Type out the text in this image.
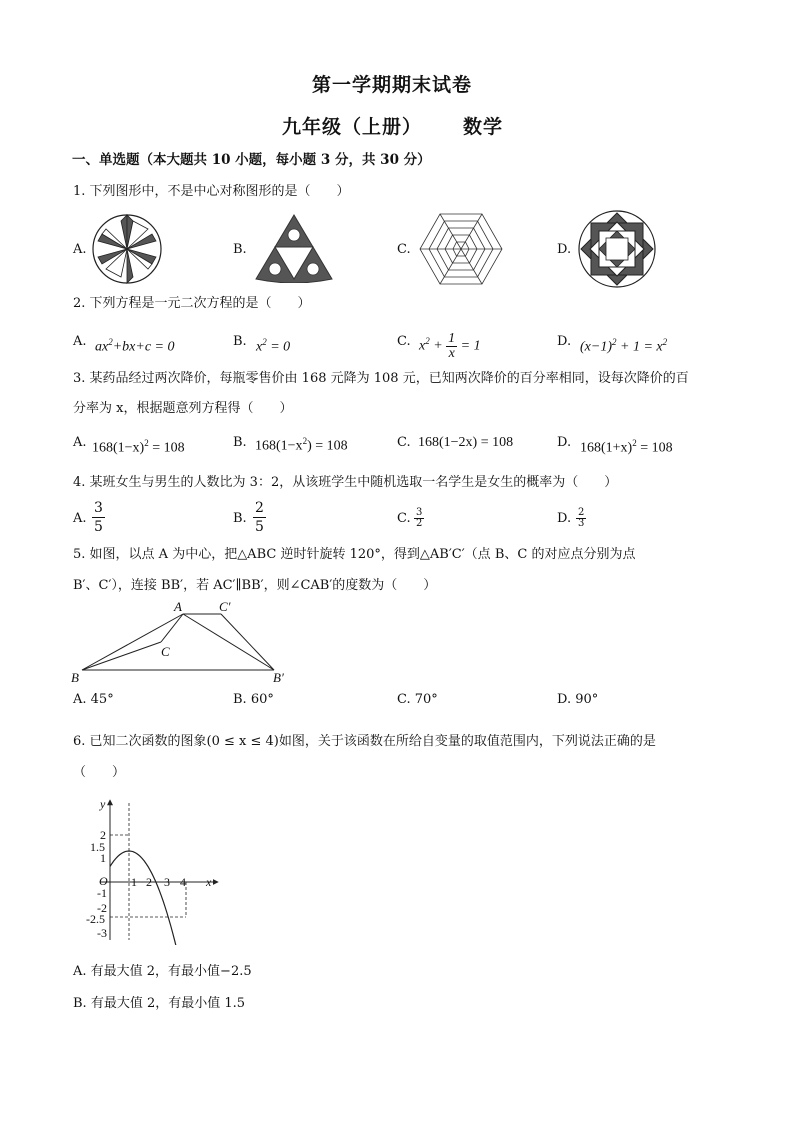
第一学期期末试卷
九年级（上册） 数学
一、单选题（本大题共 10 小题，每小题 3 分，共 30 分）
1. 下列图形中，不是中心对称图形的是（　　）
A.	B.	C.	D.
2. 下列方程是一元二次方程的是（　　）
A. $ax^2+bx+c = 0$	B. $x^2 = 0$	C. $x^2 + \frac{1}{x} = 1$	D. $(x-1)^2 + 1 = x^2$
3. 某药品经过两次降价，每瓶零售价由 168 元降为 108 元，已知两次降价的百分率相同，设每次降价的百
分率为 x，根据题意列方程得（　　）
A. $168(1-x)^2 = 108$	B. $168(1-x^2) = 108$	C. 168(1−2x) = 108	D. $168(1+x)^2 = 108$
4. 某班女生与男生的人数比为 3：2，从该班学生中随机选取一名学生是女生的概率为（　　）
A. $\frac{3}{5}$	B. $\frac{2}{5}$	C. $\frac{3}{2}$	D. $\frac{2}{3}$
5. 如图，以点 A 为中心，把△ABC 逆时针旋转 120°，得到△AB′C′（点 B、C 的对应点分别为点
B′、C′），连接 BB′，若 AC′∥BB′，则∠CAB′的度数为（　　）
A	C′
C
B	B′
A. 45°	B. 60°	C. 70°	D. 90°
6. 已知二次函数的图象(0 ≤ x ≤ 4)如图，关于该函数在所给自变量的取值范围内，下列说法正确的是
（　　）
y
x
O
2
1.5
1
-1
-2
-2.5
-3
1 2 3 4
A. 有最大值 2，有最小值−2.5
B. 有最大值 2，有最小值 1.5
